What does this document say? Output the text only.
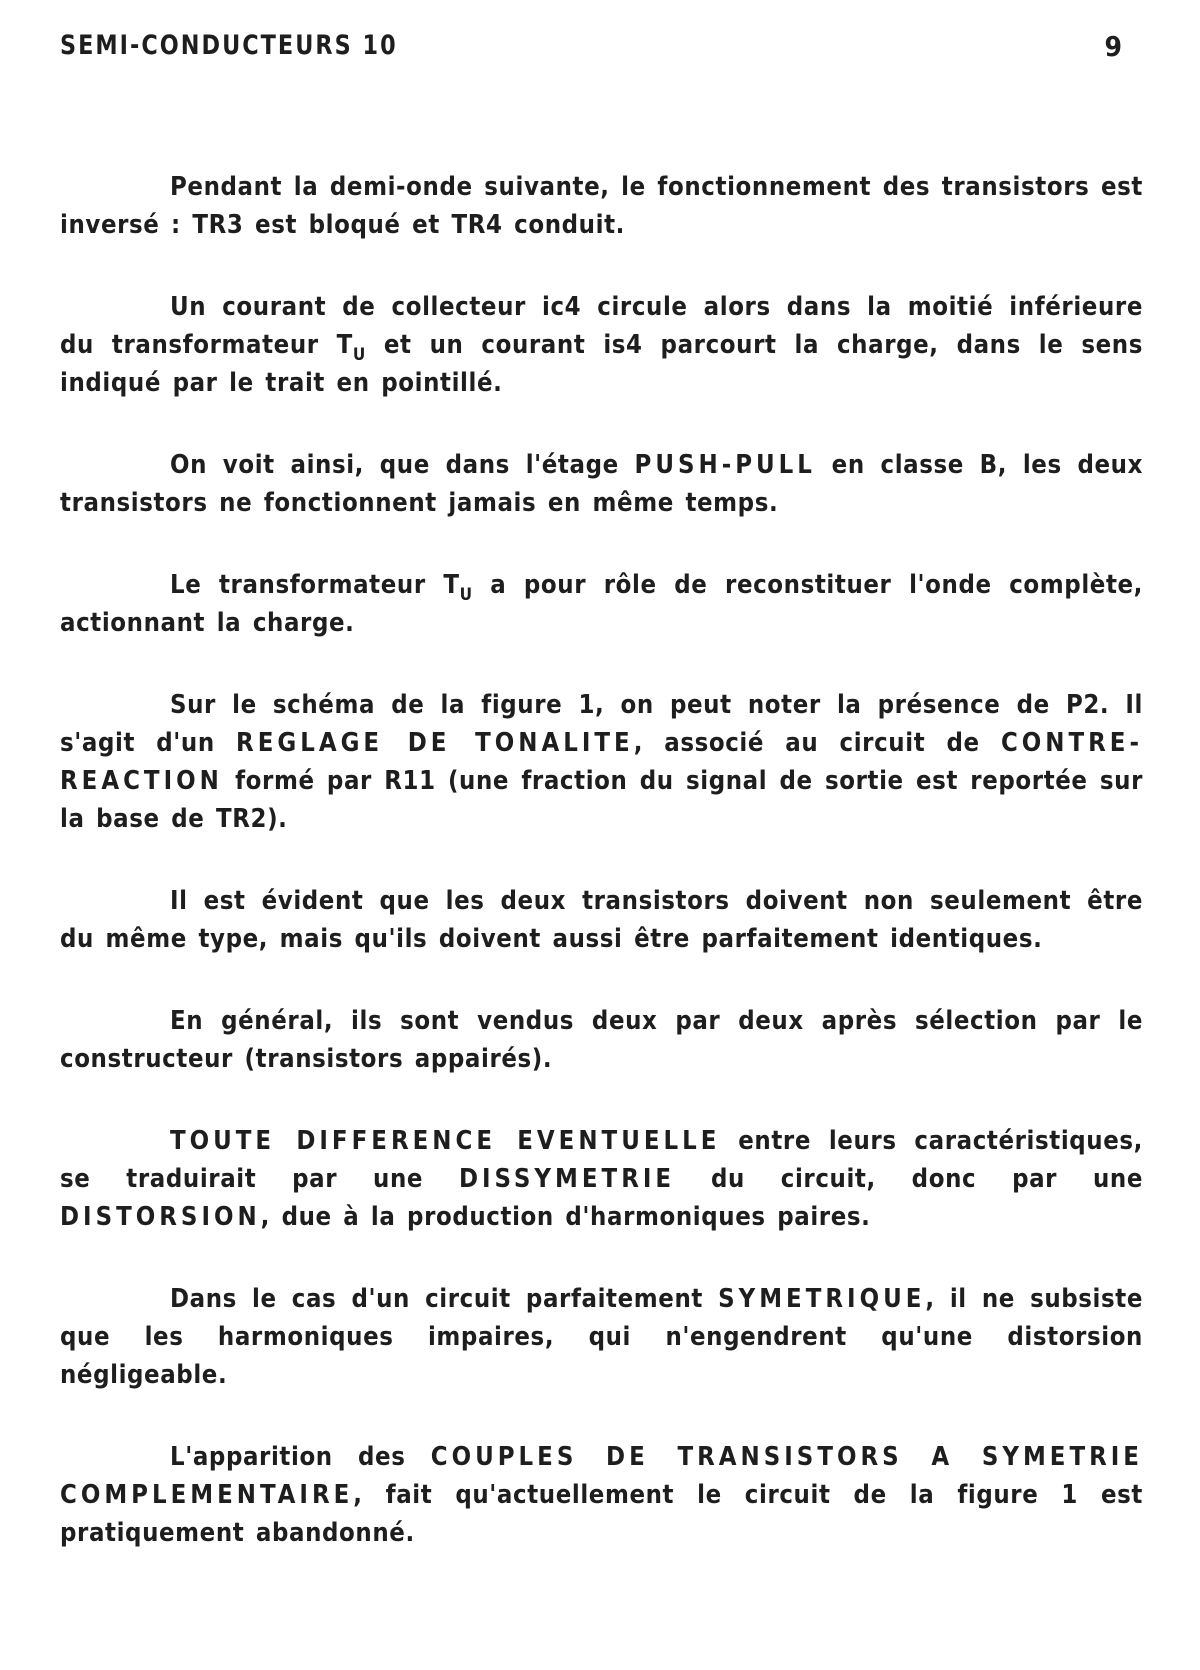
SEMI-CONDUCTEURS 10	9

Pendant la demi-onde suivante, le fonctionnement des transistors est inversé : TR3 est bloqué et TR4 conduit.

Un courant de collecteur ic4 circule alors dans la moitié inférieure du transformateur $T_U$ et un courant is4 parcourt la charge, dans le sens indiqué par le trait en pointillé.

On voit ainsi, que dans l'étage PUSH-PULL en classe B, les deux transistors ne fonctionnent jamais en même temps.

Le transformateur $T_U$ a pour rôle de reconstituer l'onde complète, actionnant la charge.

Sur le schéma de la figure 1, on peut noter la présence de P2. Il s'agit d'un REGLAGE DE TONALITE, associé au circuit de CONTRE-REACTION formé par R11 (une fraction du signal de sortie est reportée sur la base de TR2).

Il est évident que les deux transistors doivent non seulement être du même type, mais qu'ils doivent aussi être parfaitement identiques.

En général, ils sont vendus deux par deux après sélection par le constructeur (transistors appairés).

TOUTE DIFFERENCE EVENTUELLE entre leurs caractéristiques, se traduirait par une DISSYMETRIE du circuit, donc par une DISTORSION, due à la production d'harmoniques paires.

Dans le cas d'un circuit parfaitement SYMETRIQUE, il ne subsiste que les harmoniques impaires, qui n'engendrent qu'une distorsion négligeable.

L'apparition des COUPLES DE TRANSISTORS A SYMETRIE COMPLEMENTAIRE, fait qu'actuellement le circuit de la figure 1 est pratiquement abandonné.
